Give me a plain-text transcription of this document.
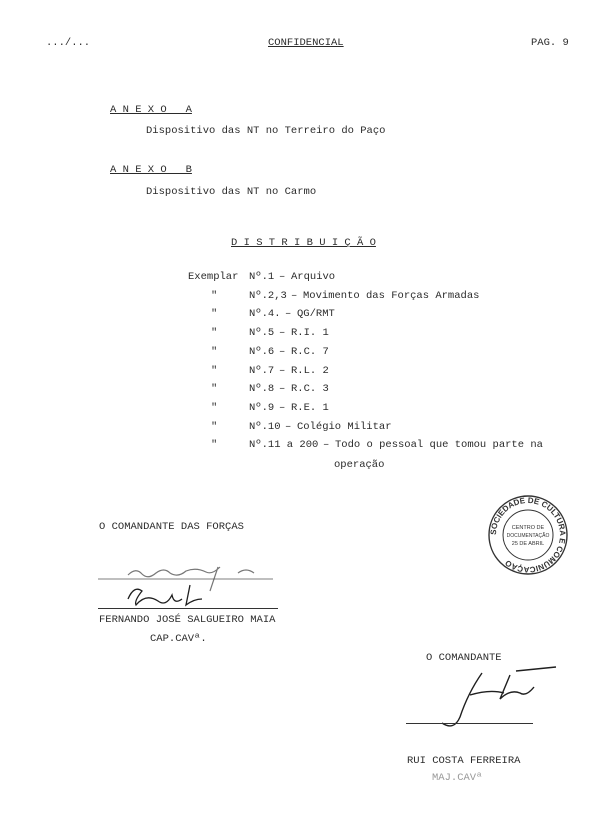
.../...	CONFIDENCIAL	PAG. 9
A N E X O   A
Dispositivo das NT no Terreiro do Paço
A N E X O   B
Dispositivo das NT no Carmo
D I S T R I B U I Ç Ã O
Exemplar Nº.1 – Arquivo
"	Nº.2,3 – Movimento das Forças Armadas
"	Nº.4. – QG/RMT
"	Nº.5 – R.I. 1
"	Nº.6 – R.C. 7
"	Nº.7 – R.L. 2
"	Nº.8 – R.C. 3
"	Nº.9 – R.E. 1
"	Nº.10 – Colégio Militar
"	Nº.11 a 200 – Todo o pessoal que tomou parte na
operação
O COMANDANTE DAS FORÇAS
FERNANDO JOSÉ SALGUEIRO MAIA
CAP.CAVª.
SOCIEDADE DE CULTURA E COMUNICAÇÃO
CENTRO DE
DOCUMENTAÇÃO
25 DE ABRIL
O COMANDANTE
RUI COSTA FERREIRA
MAJ.CAVª
